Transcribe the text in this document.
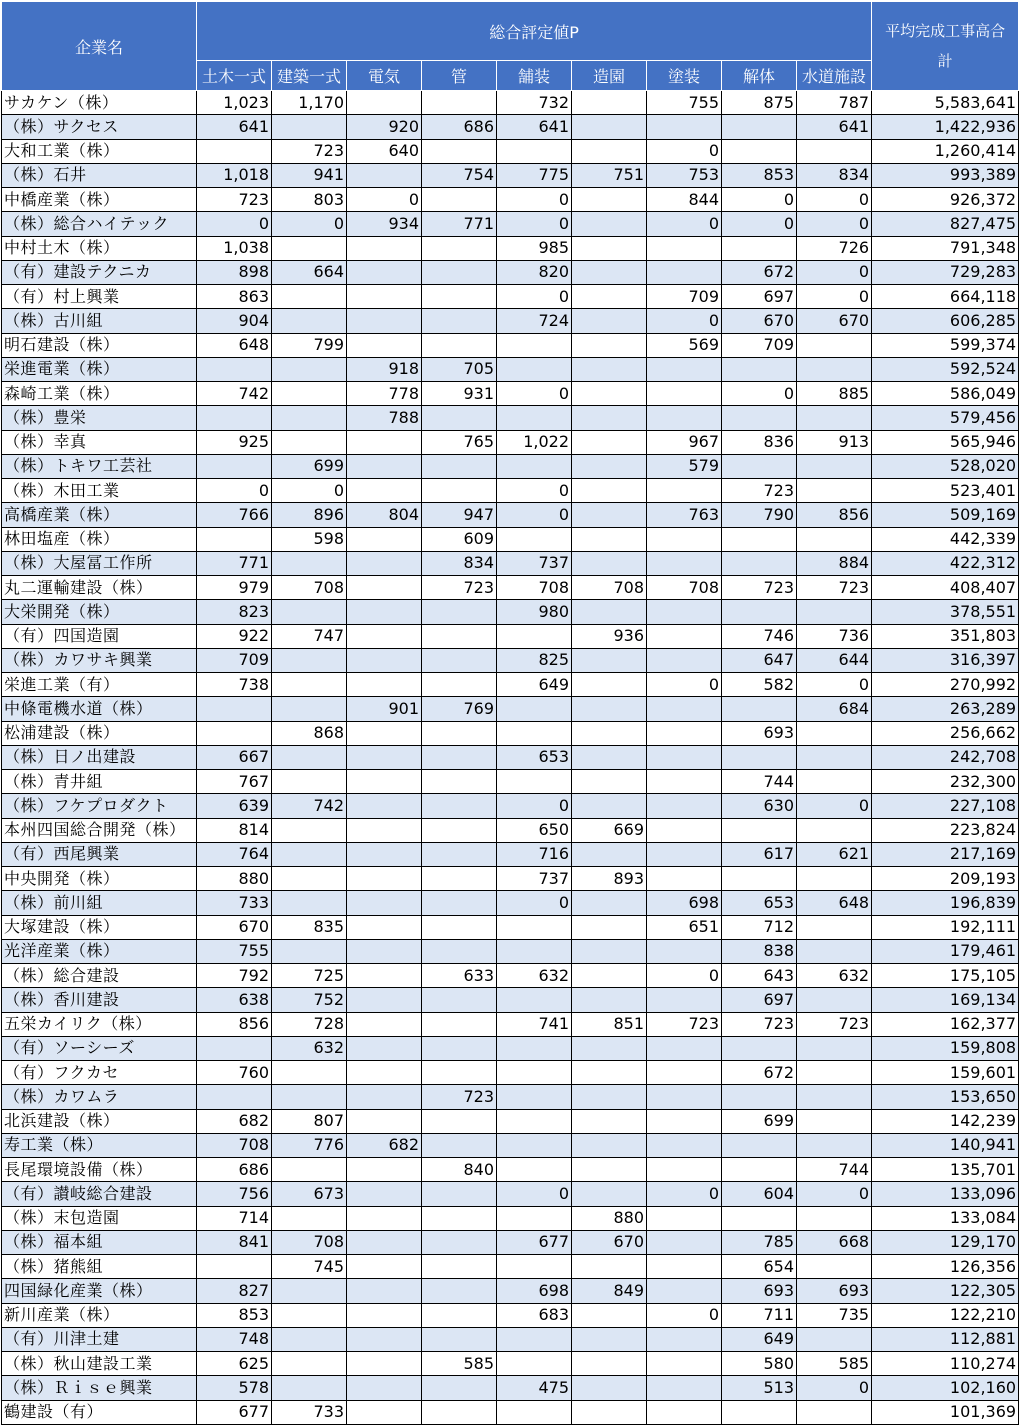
企業名	総合評定値P									平均完成工事高合計
	土木一式	建築一式	電気	管	舗装	造園	塗装	解体	水道施設	
サカケン（株）	1,023	1,170			732		755	875	787	5,583,641
（株）サクセス	641		920	686	641				641	1,422,936
大和工業（株）		723	640				0			1,260,414
（株）石井	1,018	941		754	775	751	753	853	834	993,389
中橋産業（株）	723	803	0		0		844	0	0	926,372
（株）総合ハイテック	0	0	934	771	0		0	0	0	827,475
中村土木（株）	1,038				985				726	791,348
（有）建設テクニカ	898	664			820			672	0	729,283
（有）村上興業	863				0		709	697	0	664,118
（株）古川組	904				724		0	670	670	606,285
明石建設（株）	648	799					569	709		599,374
栄進電業（株）			918	705						592,524
森崎工業（株）	742		778	931	0			0	885	586,049
（株）豊栄			788							579,456
（株）幸真	925			765	1,022		967	836	913	565,946
（株）トキワ工芸社		699					579			528,020
（株）木田工業	0	0			0			723		523,401
高橋産業（株）	766	896	804	947	0		763	790	856	509,169
林田塩産（株）		598		609						442,339
（株）大屋冨工作所	771			834	737				884	422,312
丸二運輸建設（株）	979	708		723	708	708	708	723	723	408,407
大栄開発（株）	823				980					378,551
（有）四国造園	922	747				936		746	736	351,803
（株）カワサキ興業	709				825			647	644	316,397
栄進工業（有）	738				649		0	582	0	270,992
中條電機水道（株）			901	769					684	263,289
松浦建設（株）		868						693		256,662
（株）日ノ出建設	667				653					242,708
（株）青井組	767							744		232,300
（株）フケプロダクト	639	742			0			630	0	227,108
本州四国総合開発（株）	814				650	669				223,824
（有）西尾興業	764				716			617	621	217,169
中央開発（株）	880				737	893				209,193
（株）前川組	733				0		698	653	648	196,839
大塚建設（株）	670	835					651	712		192,111
光洋産業（株）	755							838		179,461
（株）総合建設	792	725		633	632		0	643	632	175,105
（株）香川建設	638	752						697		169,134
五栄カイリク（株）	856	728			741	851	723	723	723	162,377
（有）ソーシーズ		632								159,808
（有）フクカセ	760							672		159,601
（株）カワムラ				723						153,650
北浜建設（株）	682	807						699		142,239
寿工業（株）	708	776	682							140,941
長尾環境設備（株）	686			840					744	135,701
（有）讃岐総合建設	756	673			0		0	604	0	133,096
（株）末包造園	714					880				133,084
（株）福本組	841	708			677	670		785	668	129,170
（株）猪熊組		745						654		126,356
四国緑化産業（株）	827				698	849		693	693	122,305
新川産業（株）	853				683		0	711	735	122,210
（有）川津土建	748							649		112,881
（株）秋山建設工業	625			585				580	585	110,274
（株）Ｒｉｓｅ興業	578				475			513	0	102,160
鶴建設（有）	677	733								101,369
